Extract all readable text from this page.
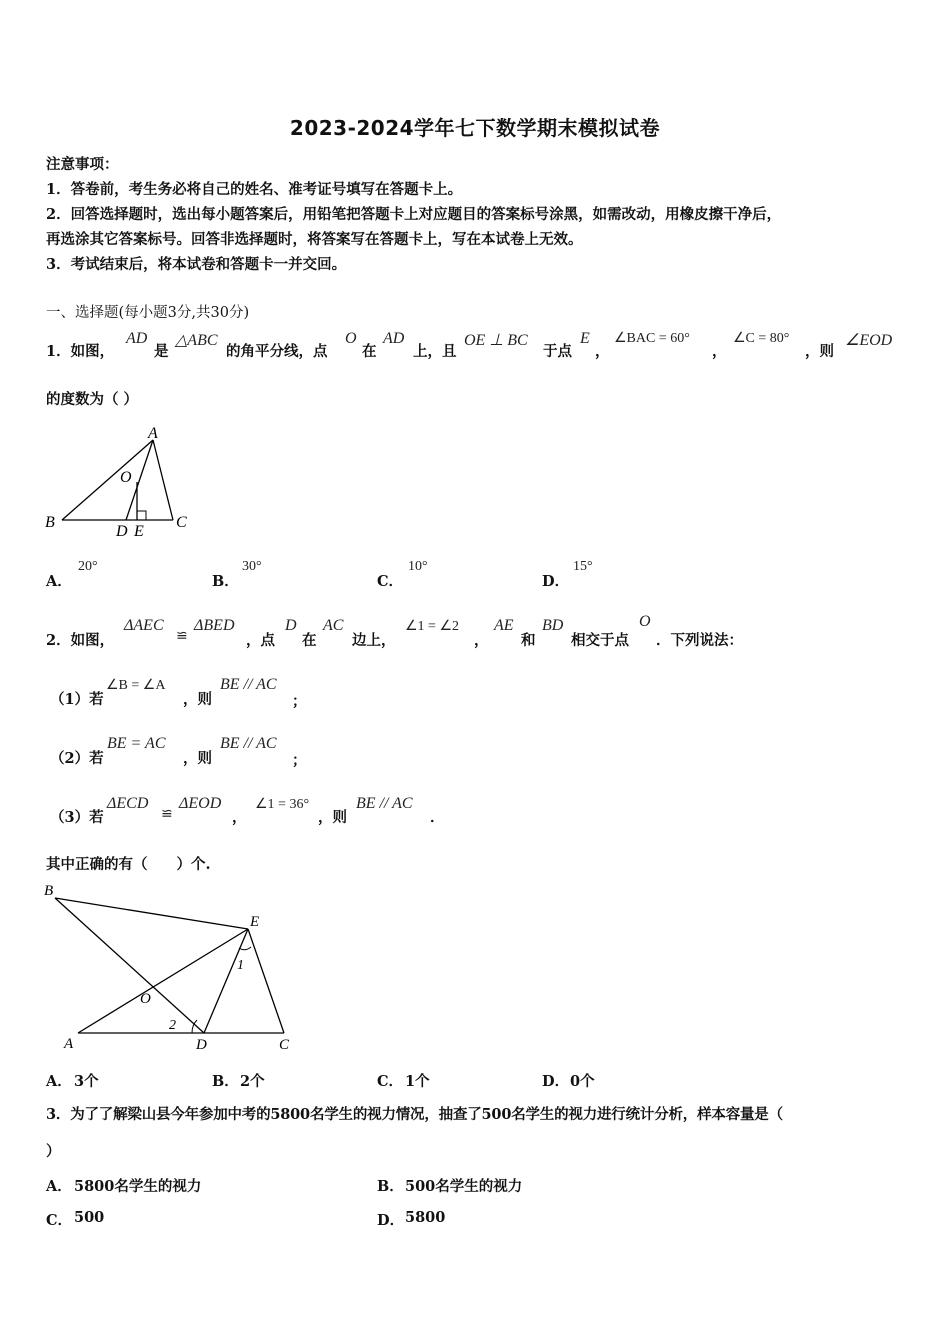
2023-2024学年七下数学期末模拟试卷
注意事项：
1．答卷前，考生务必将自己的姓名、准考证号填写在答题卡上。
2．回答选择题时，选出每小题答案后，用铅笔把答题卡上对应题目的答案标号涂黑，如需改动，用橡皮擦干净后，
再选涂其它答案标号。回答非选择题时，将答案写在答题卡上，写在本试卷上无效。
3．考试结束后，将本试卷和答题卡一并交回。
一、选择题(每小题3分,共30分)
1．如图，
AD
是
△ABC
的角平分线，点
O
在
AD
上，且
OE ⊥ BC
于点
E
，
∠BAC = 60°
，
∠C = 80°
，则
∠EOD
的度数为（ ）
A
B	C
D E
O
A．
20°
B．
30°
C．
10°
D．
15°
2．如图，
ΔAEC
≌
ΔBED
，点
D
在
AC
边上，
∠1 = ∠2
，
AE
和
BD
相交于点
O
．下列说法：
（1）若
∠B = ∠A
，则
BE // AC
；
（2）若
BE = AC
，则
BE // AC
；
（3）若
ΔECD
≌
ΔEOD
，
∠1 = 36°
，则
BE // AC
．
其中正确的有（　　）个.
B
E
O
A	D	C
1
2
A． 3个	B． 2个	C． 1个	D． 0个
3．为了了解梁山县今年参加中考的5800名学生的视力情况，抽查了500名学生的视力进行统计分析，样本容量是（
）
A． 5800名学生的视力	B． 500名学生的视力
C． 500	D． 5800
